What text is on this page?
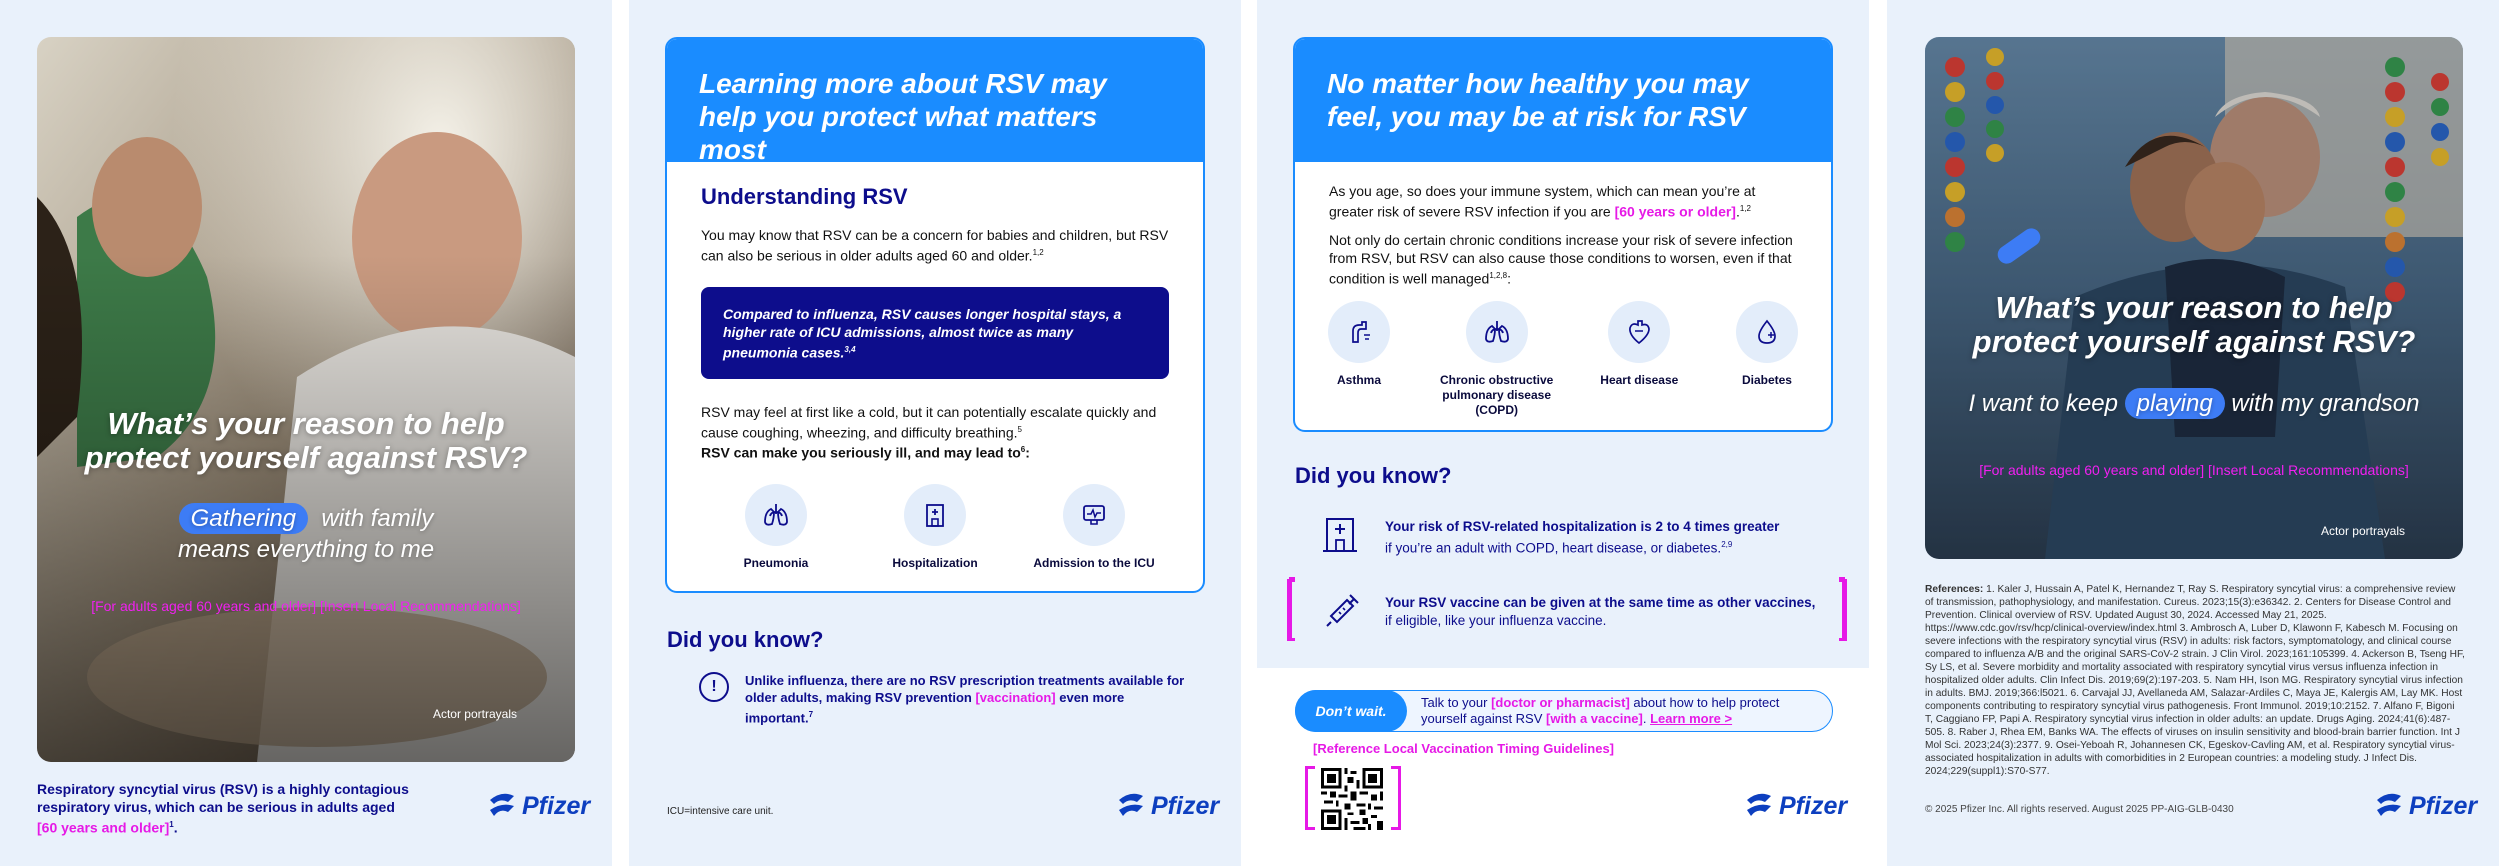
What’s your reason to help
protect yourself against RSV?
Gathering with family
means everything to me
[For adults aged 60 years and older] [Insert Local Recommendations]
Actor portrayals
Respiratory syncytial virus (RSV) is a highly contagious respiratory virus, which can be serious in adults aged [60 years and older]$^1$.
Pfizer
Learning more about RSV may help you protect what matters most
Understanding RSV
You may know that RSV can be a concern for babies and children, but RSV can also be serious in older adults aged 60 and older.$^{1,2}$
Compared to influenza, RSV causes longer hospital stays, a higher rate of ICU admissions, almost twice as many pneumonia cases.$^{3,4}$
RSV may feel at first like a cold, but it can potentially escalate quickly and cause coughing, wheezing, and difficulty breathing.$^5$
RSV can make you seriously ill, and may lead $to^6$:
Pneumonia	Hospitalization	Admission to the ICU
Did you know?
!	Unlike influenza, there are no RSV prescription treatments available for older adults, making RSV prevention [vaccination] even more important.$^7$
ICU=intensive care unit.	Pfizer
No matter how healthy you may feel, you may be at risk for RSV
As you age, so does your immune system, which can mean you’re at greater risk of severe RSV infection if you are [60 years or older].$^{1,2}$
Not only do certain chronic conditions increase your risk of severe infection from RSV, but RSV can also cause those conditions to worsen, even if that condition is well managed$^{1,2,8}$:
Asthma	Chronic obstructive pulmonary disease (COPD)
Heart disease	Diabetes
Did you know?
Your risk of RSV-related hospitalization is 2 to 4 times greater
if you’re an adult with COPD, heart disease, or diabetes.$^{2,9}$
Your RSV vaccine can be given at the same time as other vaccines,
if eligible, like your influenza vaccine.
Don’t wait.
Talk to your [doctor or pharmacist] about how to help protect yourself against RSV [with a vaccine]. Learn more >
[Reference Local Vaccination Timing Guidelines]
Pfizer
What’s your reason to help
protect yourself against RSV?
I want to keep playing with my grandson
[For adults aged 60 years and older] [Insert Local Recommendations]
Actor portrayals
References: 1. Kaler J, Hussain A, Patel K, Hernandez T, Ray S. Respiratory syncytial virus: a comprehensive review of transmission, pathophysiology, and manifestation. Cureus. 2023;15(3):e36342. 2. Centers for Disease Control and Prevention. Clinical overview of RSV. Updated August 30, 2024. Accessed May 21, 2025. https://www.cdc.gov/rsv/hcp/clinical-overview/index.html 3. Ambrosch A, Luber D, Klawonn F, Kabesch M. Focusing on severe infections with the respiratory syncytial virus (RSV) in adults: risk factors, symptomatology, and clinical course compared to influenza A/B and the original SARS-CoV-2 strain. J Clin Virol. 2023;161:105399. 4. Ackerson B, Tseng HF, Sy LS, et al. Severe morbidity and mortality associated with respiratory syncytial virus versus influenza infection in hospitalized older adults. Clin Infect Dis. 2019;69(2):197-203. 5. Nam HH, Ison MG. Respiratory syncytial virus infection in adults. BMJ. 2019;366:l5021. 6. Carvajal JJ, Avellaneda AM, Salazar-Ardiles C, Maya JE, Kalergis AM, Lay MK. Host components contributing to respiratory syncytial virus pathogenesis. Front Immunol. 2019;10:2152. 7. Alfano F, Bigoni T, Caggiano FP, Papi A. Respiratory syncytial virus infection in older adults: an update. Drugs Aging. 2024;41(6):487-505. 8. Raber J, Rhea EM, Banks WA. The effects of viruses on insulin sensitivity and blood-brain barrier function. Int J Mol Sci. 2023;24(3):2377. 9. Osei-Yeboah R, Johannesen CK, Egeskov-Cavling AM, et al. Respiratory syncytial virus-associated hospitalization in adults with comorbidities in 2 European countries: a modeling study. J Infect Dis. 2024;229(suppl1):S70-S77.
© 2025 Pfizer Inc. All rights reserved. August 2025 PP-AIG-GLB-0430	Pfizer
